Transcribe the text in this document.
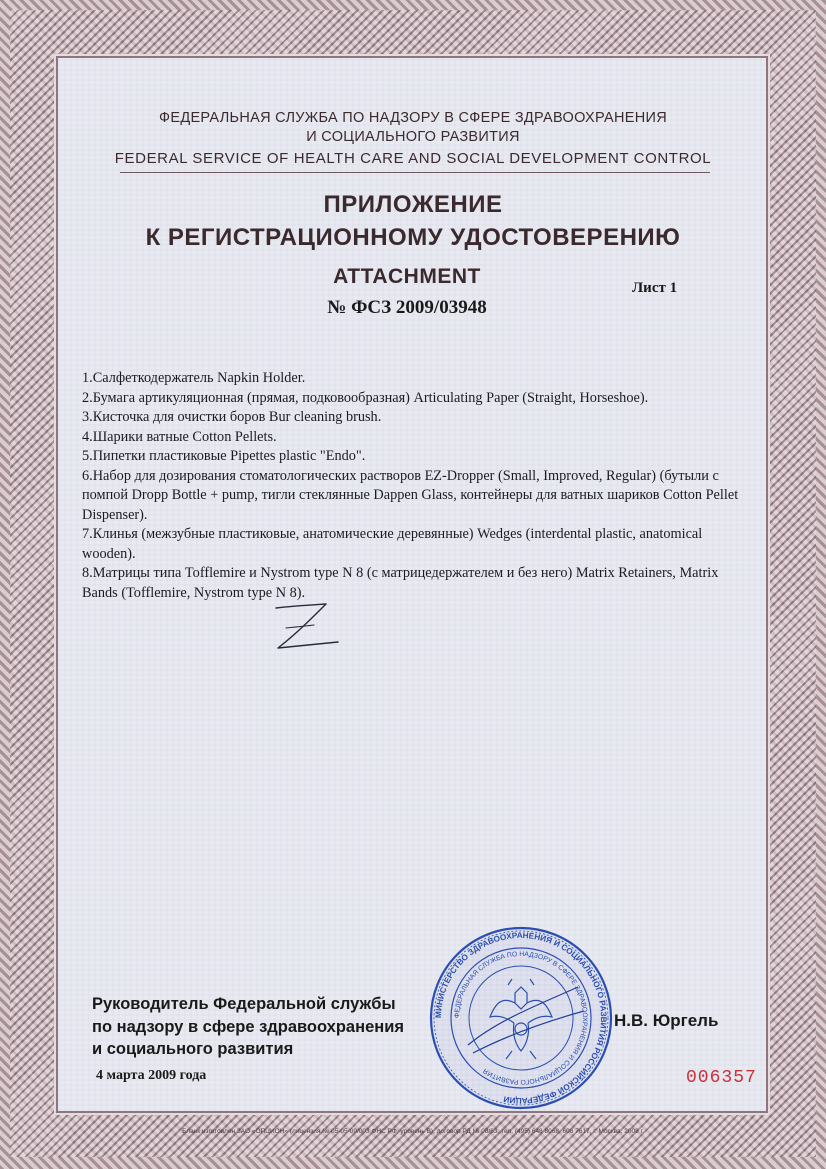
ФЕДЕРАЛЬНАЯ СЛУЖБА ПО НАДЗОРУ В СФЕРЕ ЗДРАВООХРАНЕНИЯ
И СОЦИАЛЬНОГО РАЗВИТИЯ
FEDERAL SERVICE OF HEALTH CARE AND SOCIAL DEVELOPMENT CONTROL
ПРИЛОЖЕНИЕ
К РЕГИСТРАЦИОННОМУ УДОСТОВЕРЕНИЮ
ATTACHMENT
№ ФСЗ 2009/03948
Лист 1
1.Салфеткодержатель Napkin Holder.
2.Бумага артикуляционная (прямая, подковообразная) Articulating Paper (Straight, Horseshoe).
3.Кисточка для очистки боров Bur cleaning brush.
4.Шарики ватные Cotton Pellets.
5.Пипетки пластиковые Pipettes plastic "Endo".
6.Набор для дозирования стоматологических растворов EZ-Dropper (Small, Improved, Regular) (бутыли с помпой Dropp Bottle + pump, тигли стеклянные Dappen Glass, контейнеры для ватных шариков Cotton Pellet Dispenser).
7.Клинья (межзубные пластиковые, анатомические деревянные) Wedges (interdental plastic, anatomical wooden).
8.Матрицы типа Tofflemire и Nystrom type N 8 (с матрицедержателем и без него) Matrix Retainers, Matrix Bands (Tofflemire, Nystrom type N 8).
Руководитель Федеральной службы
по надзору в сфере здравоохранения
и социального развития
4 марта 2009 года
Н.В. Юргель
МИНИСТЕРСТВО ЗДРАВООХРАНЕНИЯ И СОЦИАЛЬНОГО РАЗВИТИЯ РОССИЙСКОЙ ФЕДЕРАЦИИ
ФЕДЕРАЛЬНАЯ СЛУЖБА ПО НАДЗОРУ В СФЕРЕ ЗДРАВООХРАНЕНИЯ И СОЦИАЛЬНОГО РАЗВИТИЯ	006357
Бланк изготовлен ЗАО «ОПЦИОН» (лицензия № 05-05-09/003 ФНС РФ, уровень В), договор РД № 08/63, тел. (495) 648 8068, 608 7617, г. Москва, 2008 г.
